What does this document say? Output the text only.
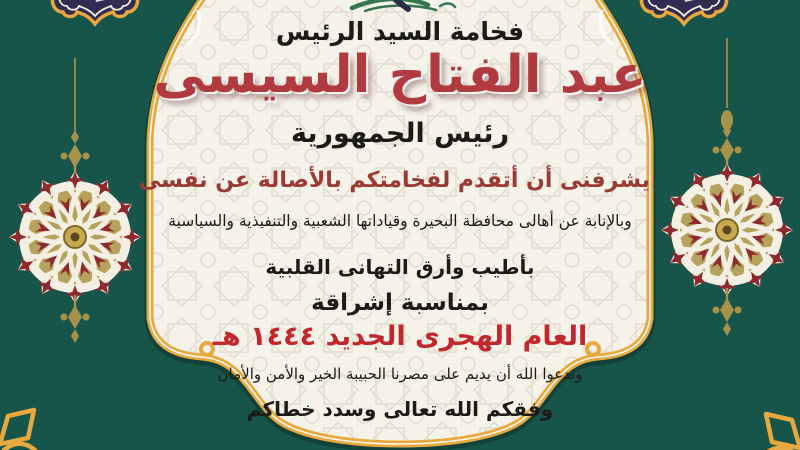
فخامة السيد الرئيس
عبد الفتاح السيسى
رئيس الجمهورية
يشرفنى أن أتقدم لفخامتكم بالأصالة عن نفسى
وبالإنابة عن أهالى محافظة البحيرة وقياداتها الشعبية والتنفيذية والسياسية
بأطيب وأرق التهانى القلبية
بمناسبة إشراقة
العام الهجرى الجديد ١٤٤٤ هـ
وندعوا الله أن يديم على مصرنا الحبيبة الخير والأمن والأمان
وفقكم الله تعالى وسدد خطاكم
